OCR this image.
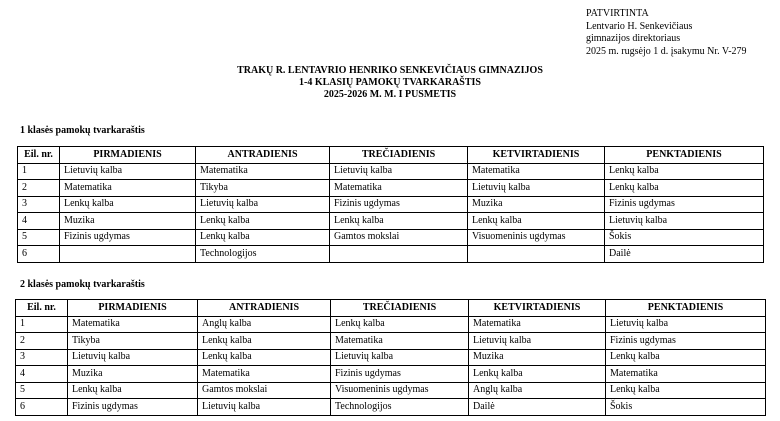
PATVIRTINTA
Lentvario H. Senkevičiaus
gimnazijos direktoriaus
2025 m. rugsėjo 1 d. įsakymu Nr. V-279
TRAKŲ R. LENTAVRIO HENRIKO SENKEVIČIAUS GIMNAZIJOS
1-4 KLASIŲ PAMOKŲ TVARKARAŠTIS
2025-2026 M. M. I PUSMETIS
1 klasės pamokų tvarkaraštis
Eil. nr.	PIRMADIENIS	ANTRADIENIS	TREČIADIENIS	KETVIRTADIENIS	PENKTADIENIS
1	Lietuvių kalba	Matematika	Lietuvių kalba	Matematika	Lenkų kalba
2	Matematika	Tikyba	Matematika	Lietuvių kalba	Lenkų kalba
3	Lenkų kalba	Lietuvių kalba	Fizinis ugdymas	Muzika	Fizinis ugdymas
4	Muzika	Lenkų kalba	Lenkų kalba	Lenkų kalba	Lietuvių kalba
5	Fizinis ugdymas	Lenkų kalba	Gamtos mokslai	Visuomeninis ugdymas	Šokis
6		Technologijos			Dailė
2 klasės pamokų tvarkaraštis
Eil. nr.	PIRMADIENIS	ANTRADIENIS	TREČIADIENIS	KETVIRTADIENIS	PENKTADIENIS
1	Matematika	Anglų kalba	Lenkų kalba	Matematika	Lietuvių kalba
2	Tikyba	Lenkų kalba	Matematika	Lietuvių kalba	Fizinis ugdymas
3	Lietuvių kalba	Lenkų kalba	Lietuvių kalba	Muzika	Lenkų kalba
4	Muzika	Matematika	Fizinis ugdymas	Lenkų kalba	Matematika
5	Lenkų kalba	Gamtos mokslai	Visuomeninis ugdymas	Anglų kalba	Lenkų kalba
6	Fizinis ugdymas	Lietuvių kalba	Technologijos	Dailė	Šokis
